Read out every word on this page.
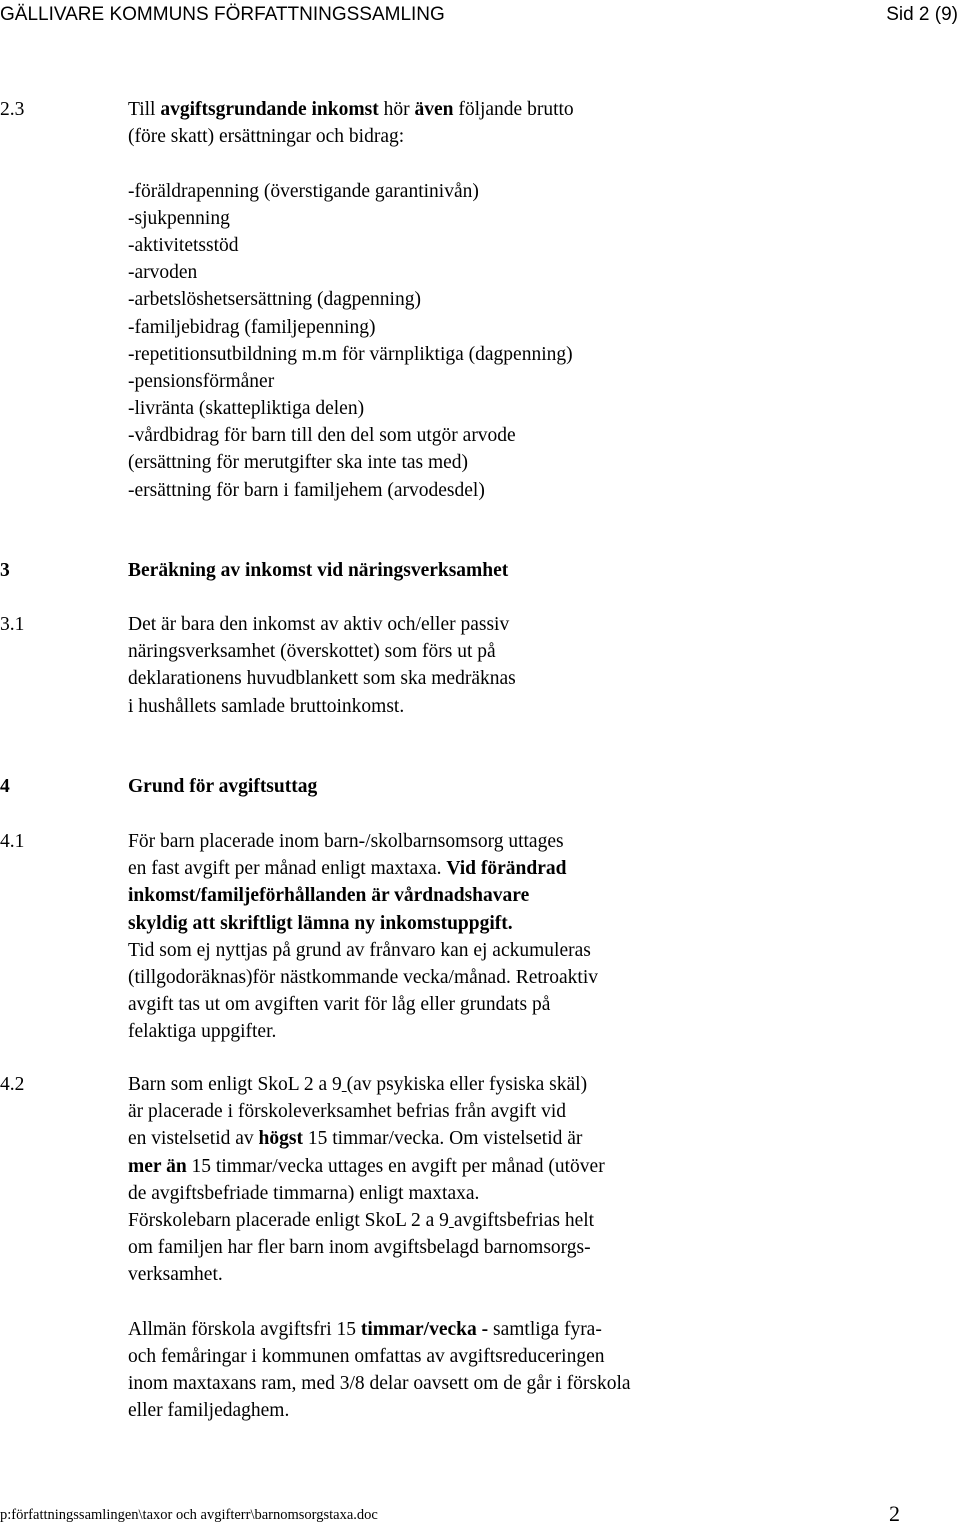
GÄLLIVARE KOMMUNS FÖRFATTNINGSSAMLING	Sid 2 (9)
2.3	Till avgiftsgrundande inkomst hör även följande brutto
(före skatt) ersättningar och bidrag:
-föräldrapenning (överstigande garantinivån)
-sjukpenning
-aktivitetsstöd
-arvoden
-arbetslöshetsersättning (dagpenning)
-familjebidrag (familjepenning)
-repetitionsutbildning m.m för värnpliktiga (dagpenning)
-pensionsförmåner
-livränta (skattepliktiga delen)
-vårdbidrag för barn till den del som utgör arvode
(ersättning för merutgifter ska inte tas med)
-ersättning för barn i familjehem (arvodesdel)
3	Beräkning av inkomst vid näringsverksamhet
3.1	Det är bara den inkomst av aktiv och/eller passiv
näringsverksamhet (överskottet) som förs ut på
deklarationens huvudblankett som ska medräknas
i hushållets samlade bruttoinkomst.
4	Grund för avgiftsuttag
4.1	För barn placerade inom barn-/skolbarnsomsorg uttages
en fast avgift per månad enligt maxtaxa. Vid förändrad
inkomst/familjeförhållanden är vårdnadshavare
skyldig att skriftligt lämna ny inkomstuppgift.
Tid som ej nyttjas på grund av frånvaro kan ej ackumuleras
(tillgodoräknas)för nästkommande vecka/månad. Retroaktiv
avgift tas ut om avgiften varit för låg eller grundats på
felaktiga uppgifter.
4.2	Barn som enligt SkoL 2 a 9 (av psykiska eller fysiska skäl)
är placerade i förskoleverksamhet befrias från avgift vid
en vistelsetid av högst 15 timmar/vecka. Om vistelsetid är
mer än 15 timmar/vecka uttages en avgift per månad (utöver
de avgiftsbefriade timmarna) enligt maxtaxa.
Förskolebarn placerade enligt SkoL 2 a 9 avgiftsbefrias helt
om familjen har fler barn inom avgiftsbelagd barnomsorgs-
verksamhet.
Allmän förskola avgiftsfri 15 timmar/vecka - samtliga fyra-
och femåringar i kommunen omfattas av avgiftsreduceringen
inom maxtaxans ram, med 3/8 delar oavsett om de går i förskola
eller familjedaghem.
p:författningssamlingen\taxor och avgifterr\barnomsorgstaxa.doc	2
